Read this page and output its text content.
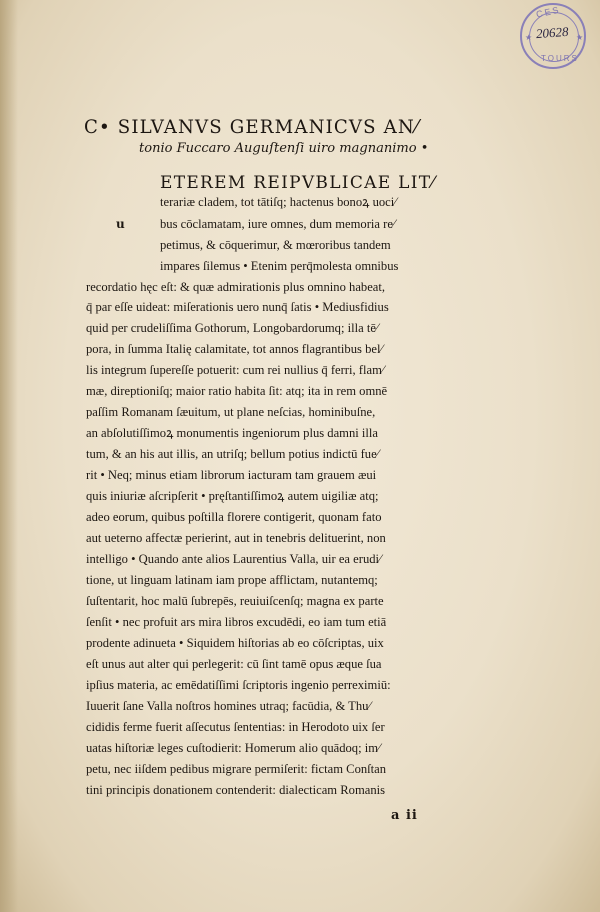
CES
★ 20628 ★
TOURS
C• SILVANVS GERMANICVS AN⁄
tonio Fuccaro Auguſtenſi uiro magnanimo •
ETEREM REIPVBLICAE LIT⁄
u
terariæ cladem, tot tātiſq; hactenus bonoꝝ uoci⁄
bus cōclamatam, iure omnes, dum memoria re⁄
petimus, & cōquerimur, & mœroribus tandem
impares ſilemus • Etenim perq̄molesta omnibus
recordatio hęc eſt: & quæ admirationis plus omnino habeat,
q̄ par eſſe uideat: miſerationis uero nunq̄ ſatis • Mediusfidius
quid per crudeliſſima Gothorum, Longobardorumq; illa tē⁄
pora, in ſumma Italię calamitate, tot annos flagrantibus bel⁄
lis integrum ſupereſſe potuerit: cum rei nullius q̄ ferri, flam⁄
mæ, direptioniſq; maior ratio habita ſit: atq; ita in rem omnē
paſſim Romanam ſæuitum, ut plane neſcias, hominibuſne,
an abſolutiſſimoꝝ monumentis ingeniorum plus damni illa
tum, & an his aut illis, an utriſq; bellum potius indictū fue⁄
rit • Neq; minus etiam librorum iacturam tam grauem æui
quis iniuriæ aſcripſerit • pręſtantiſſimoꝝ autem uigiliæ atq;
adeo eorum, quibus poſtilla florere contigerit, quonam fato
aut ueterno affectæ perierint, aut in tenebris delituerint, non
intelligo • Quando ante alios Laurentius Valla, uir ea erudi⁄
tione, ut linguam latinam iam prope afflictam, nutantemq;
ſuſtentarit, hoc malū ſubrepēs, reuiuiſcenſq; magna ex parte
ſenſit • nec profuit ars mira libros excudēdi, eo iam tum etiā
prodente adinueta • Siquidem hiſtorias ab eo cōſcriptas, uix
eſt unus aut alter qui perlegerit: cū ſint tamē opus æque ſua
ipſius materia, ac emēdatiſſimi ſcriptoris ingenio perreximiū:
Iuuerit ſane Valla noſtros homines utraq; facūdia, & Thu⁄
cididis ferme fuerit aſſecutus ſententias: in Herodoto uix ſer
uatas hiſtoriæ leges cuſtodierit: Homerum alio quādoq; im⁄
petu, nec iiſdem pedibus migrare permiſerit: fictam Conſtan
tini principis donationem contenderit: dialecticam Romanis
a ii
